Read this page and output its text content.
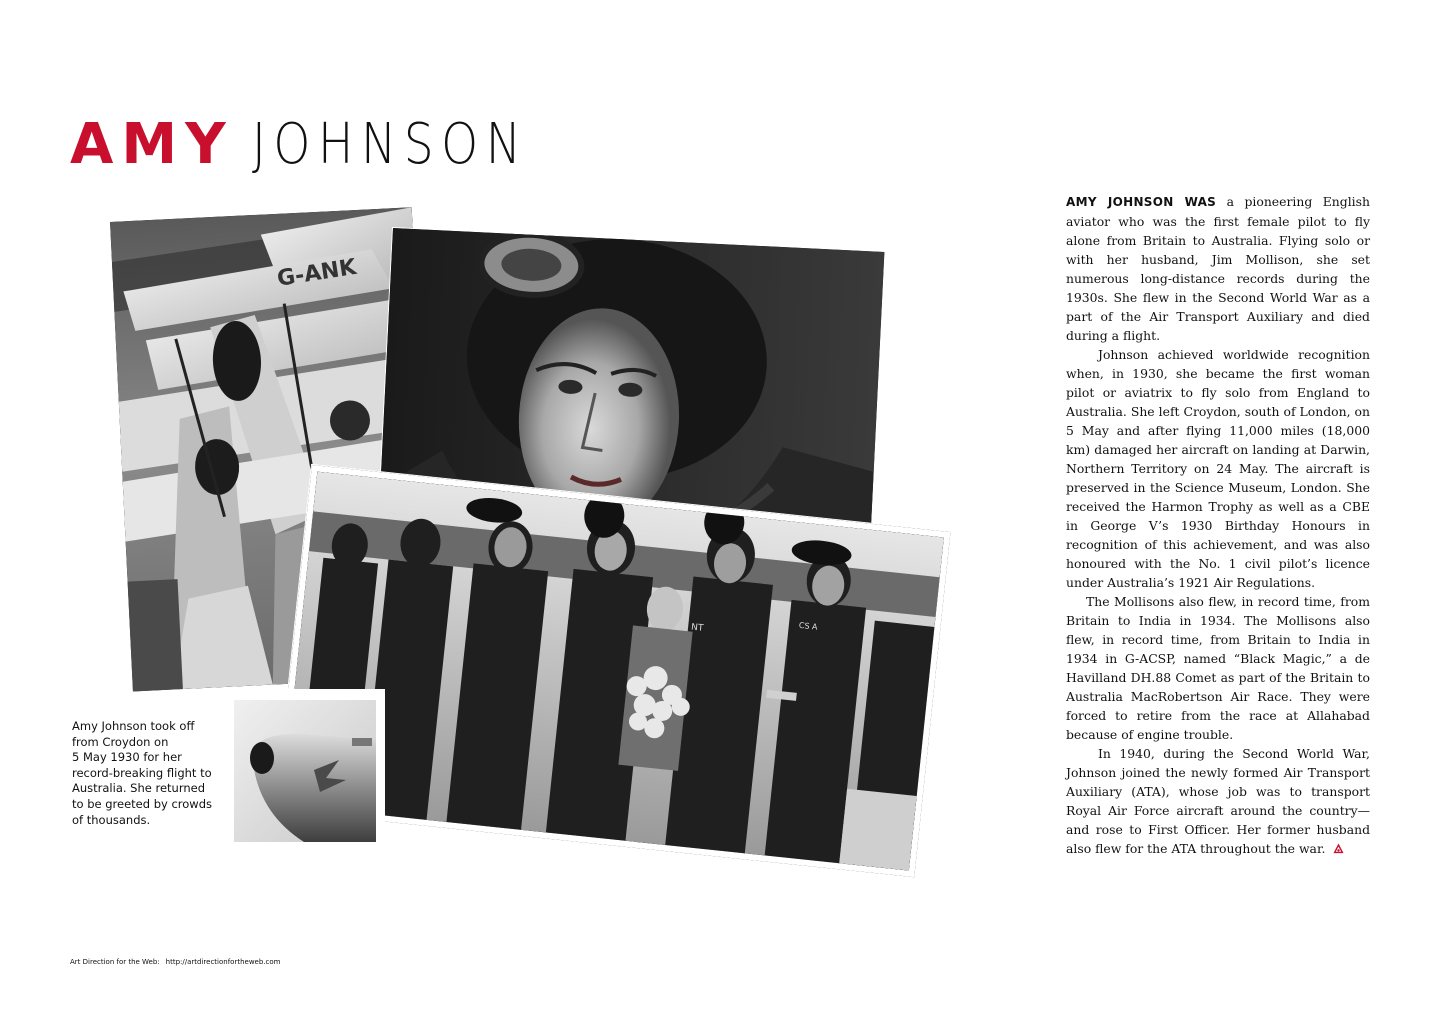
AMY JOHNSON
G-ANK
NT	CS A

Amy Johnson took off
from Croydon on
5 May 1930 for her
record-breaking flight to
Australia. She returned
to be greeted by crowds
of thousands.

AMY JOHNSON WAS a pioneering English aviator who was the first female pilot to fly alone from Britain to Australia. Flying solo or with her husband, Jim Mollison, she set numerous long-distance records during the 1930s. She flew in the Second World War as a part of the Air Transport Auxiliary and died during a flight.

Johnson achieved worldwide recognition when, in 1930, she became the first woman pilot or aviatrix to fly solo from England to Australia. She left Croydon, south of London, on 5 May and after flying 11,000 miles (18,000 km) damaged her aircraft on landing at Darwin, Northern Territory on 24 May. The aircraft is preserved in the Science Museum, London. She received the Harmon Trophy as well as a CBE in George V’s 1930 Birthday Honours in recognition of this achievement, and was also honoured with the No. 1 civil pilot’s licence under Australia’s 1921 Air Regulations.

The Mollisons also flew, in record time, from Britain to India in 1934. The Mollisons also flew, in record time, from Britain to India in 1934 in G-ACSP, named “Black Magic,” a de Havilland DH.88 Comet as part of the Britain to Australia MacRobertson Air Race. They were forced to retire from the race at Allahabad because of engine trouble.

In 1940, during the Second World War, Johnson joined the newly formed Air Transport Auxiliary (ATA), whose job was to transport Royal Air Force aircraft around the country—and rose to First Officer. Her former husband also flew for the ATA throughout the war.

Art Direction for the Web: http://artdirectionfortheweb.com
